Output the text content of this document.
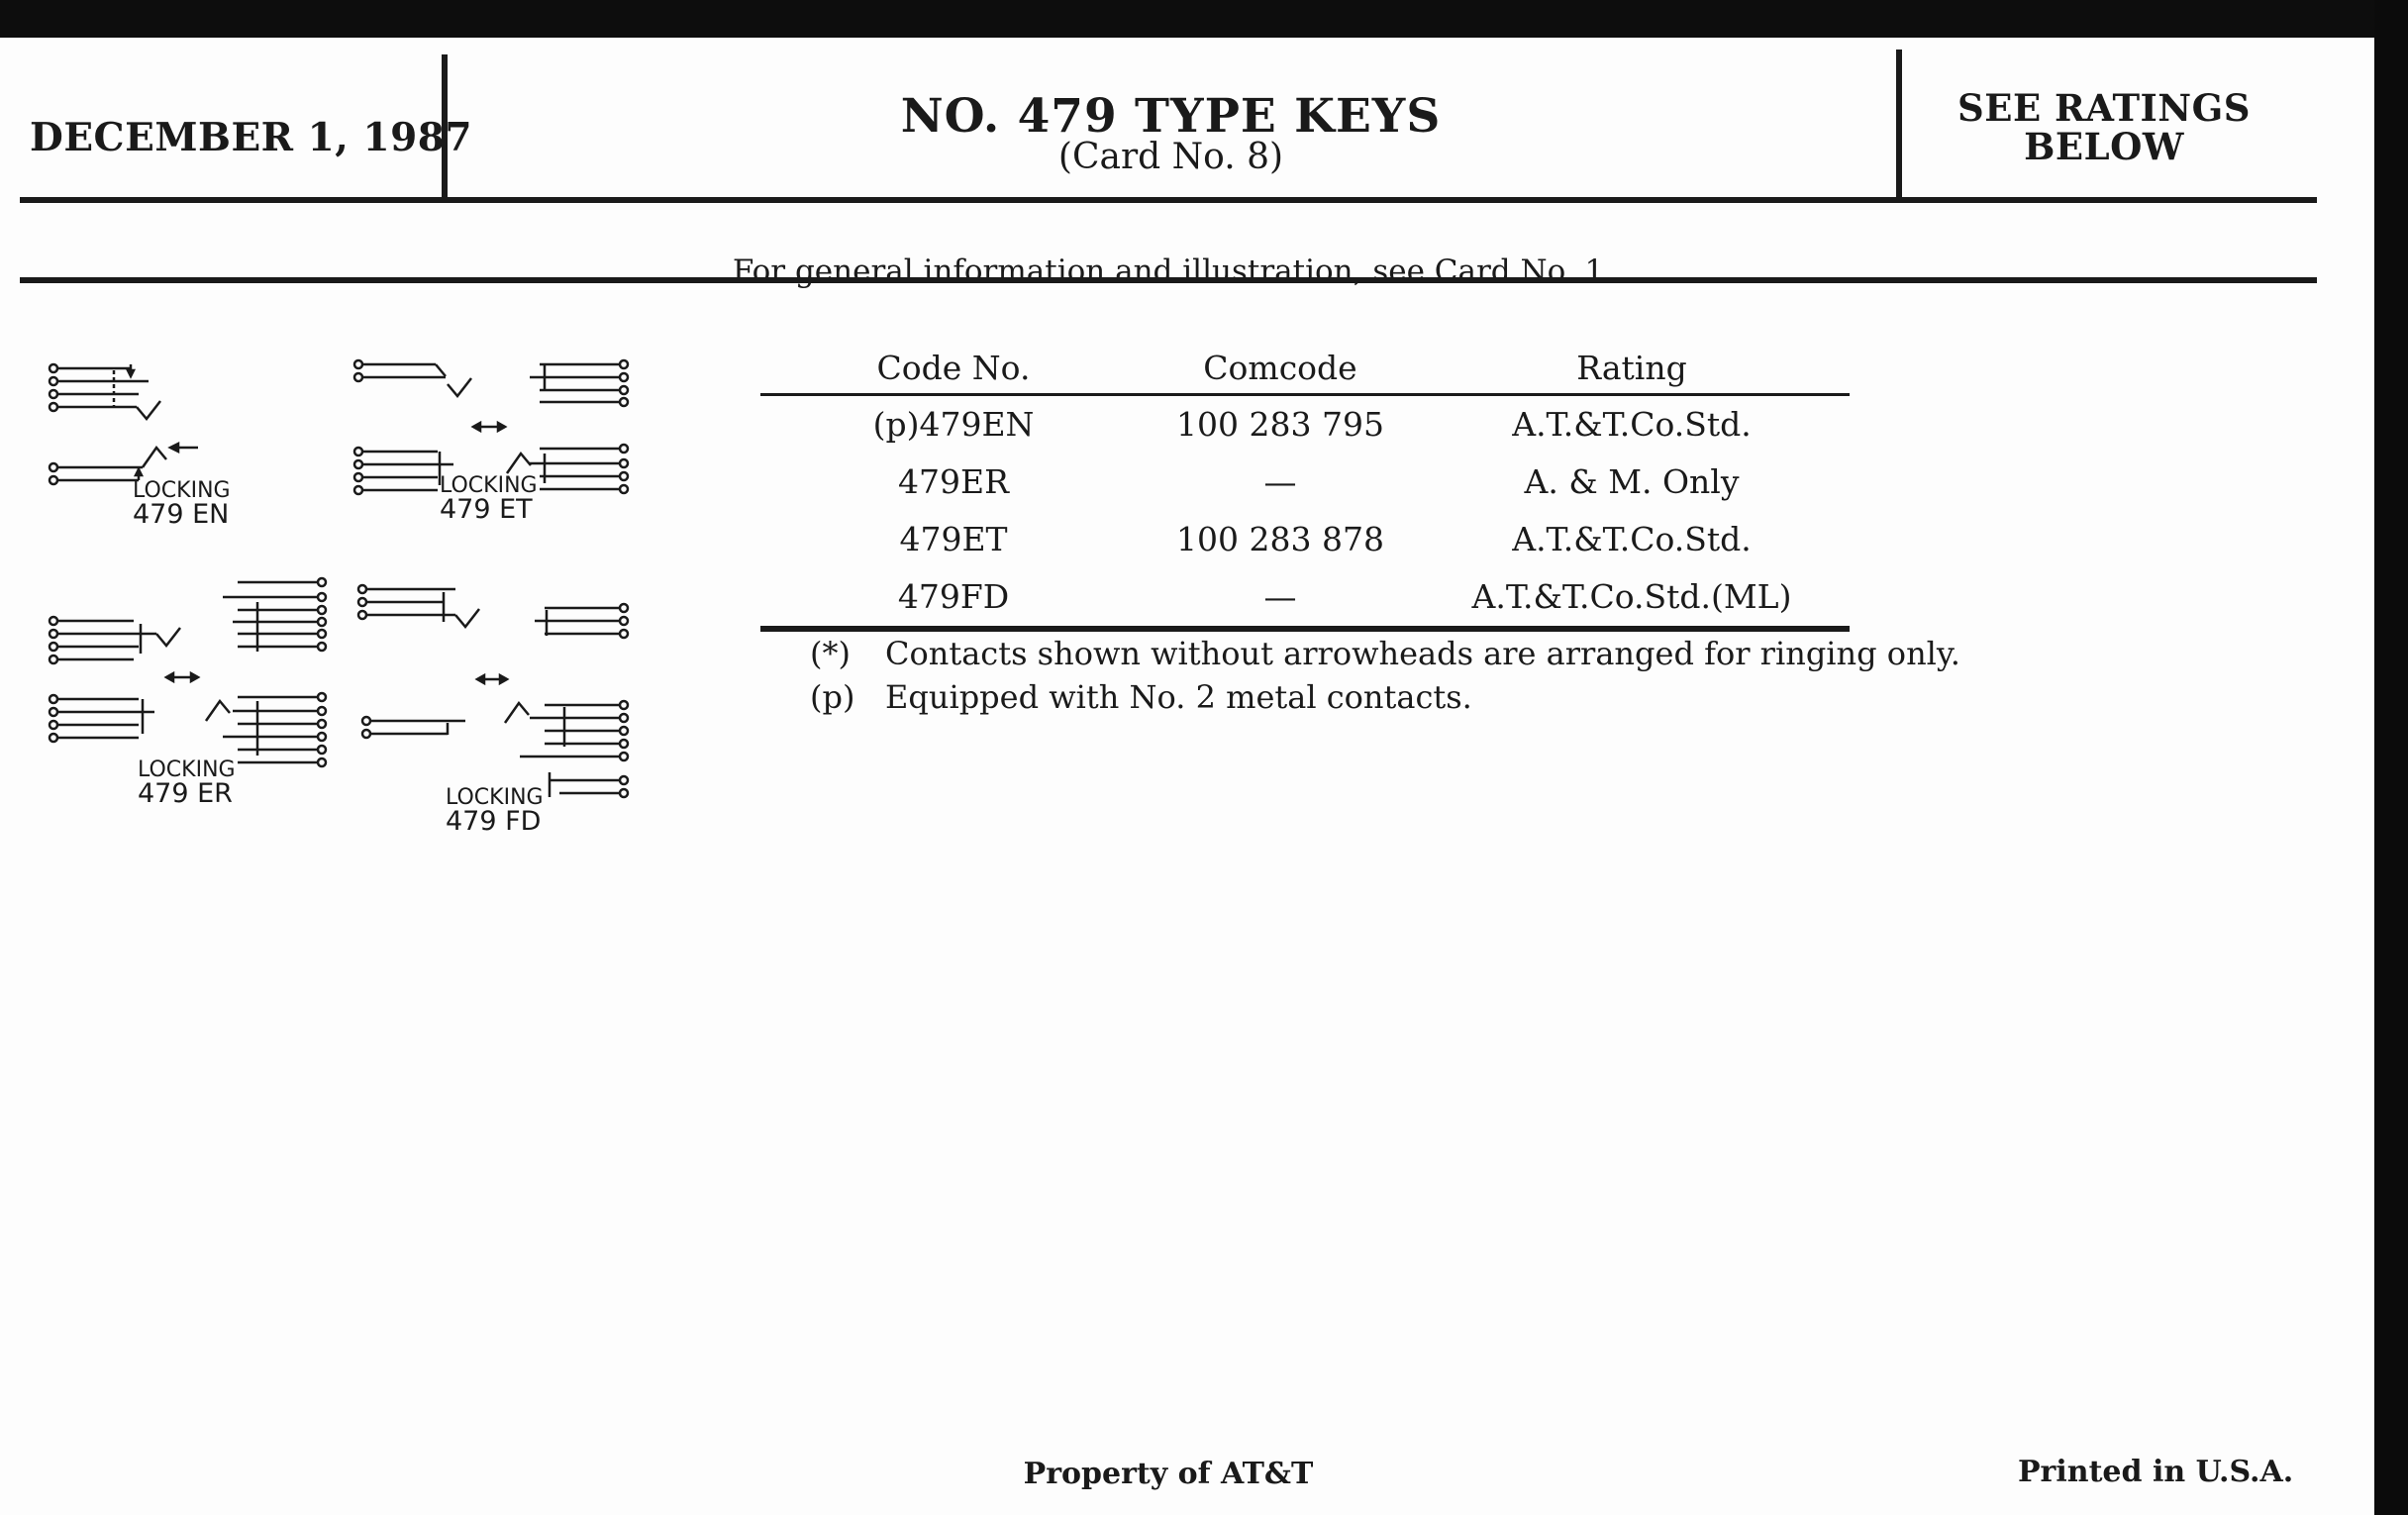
DECEMBER 1, 1987	NO. 479 TYPE KEYS
(Card No. 8)
SEE RATINGS
BELOW
For general information and illustration, see Card No. 1
LOCKING
479 EN
LOCKING
479 ET
LOCKING
479 ER	LOCKING
479 FD
Code No.	Comcode	Rating
(p)479EN	100 283 795	A.T.&T.Co.Std.
479ER	—	A. & M. Only
479ET	100 283 878	A.T.&T.Co.Std.
479FD	—	A.T.&T.Co.Std.(ML)
(*)	Contacts shown without arrowheads are arranged for ringing only.
(p) Equipped with No. 2 metal contacts.
Property of AT&T	Printed in U.S.A.
